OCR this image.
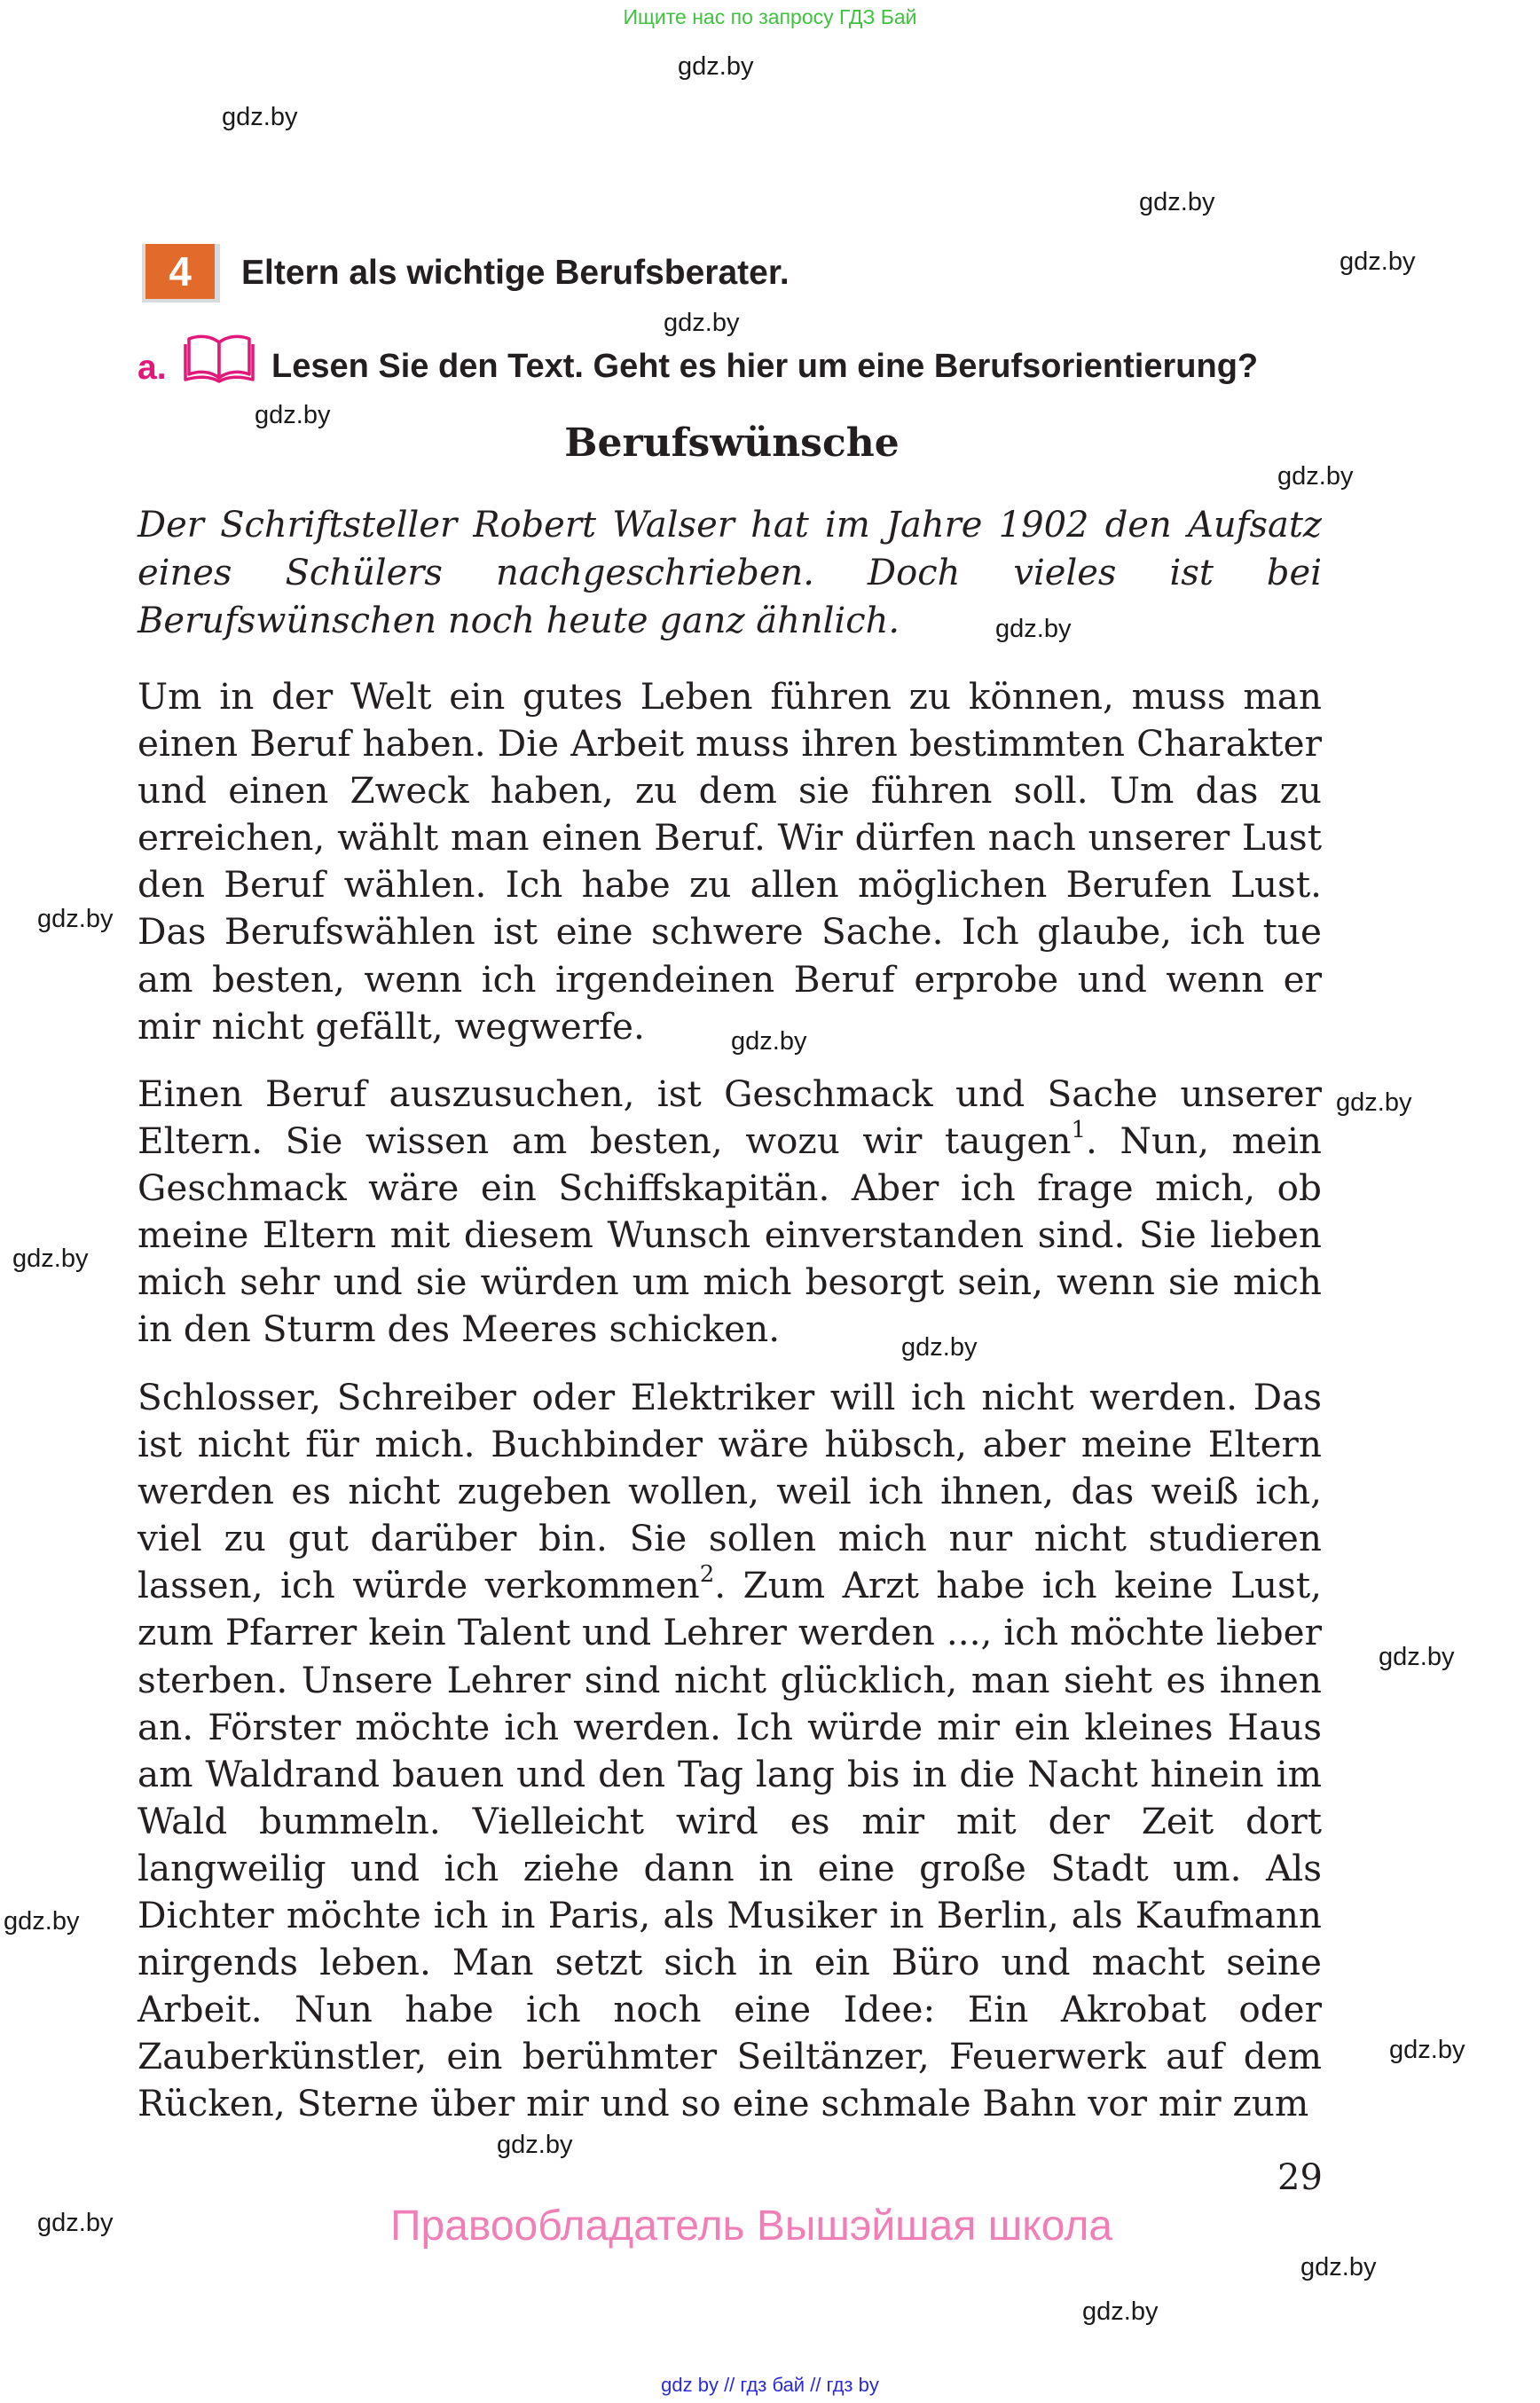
Ищите нас по запросу ГДЗ Бай
gdz.by
gdz.by
gdz.by
gdz.by
gdz.by
gdz.by
gdz.by
gdz.by
gdz.by
gdz.by
gdz.by
gdz.by
gdz.by
gdz.by
gdz.by
gdz.by
gdz.by
gdz.by
gdz.by
gdz.by
4	Eltern als wichtige Berufsberater.
a.	Lesen Sie den Text. Geht es hier um eine Berufsorientierung?
Berufswünsche
Der Schriftsteller Robert Walser hat im Jahre 1902 den Aufsatz eines Schülers nachgeschrieben. Doch vieles ist bei Berufswünschen noch heute ganz ähnlich.
Um in der Welt ein gutes Leben führen zu können, muss man einen Beruf haben. Die Arbeit muss ihren bestimmten Charakter und einen Zweck haben, zu dem sie führen soll. Um das zu erreichen, wählt man einen Beruf. Wir dürfen nach unserer Lust den Beruf wählen. Ich habe zu allen möglichen Berufen Lust. Das Berufswählen ist eine schwere Sache. Ich glaube, ich tue am besten, wenn ich irgendeinen Beruf erprobe und wenn er mir nicht gefällt, wegwerfe.
Einen Beruf auszusuchen, ist Geschmack und Sache unserer Eltern. Sie wissen am besten, wozu wir taugen$^1$. Nun, mein Geschmack wäre ein Schiffskapitän. Aber ich frage mich, ob meine Eltern mit diesem Wunsch einverstanden sind. Sie lieben mich sehr und sie würden um mich besorgt sein, wenn sie mich in den Sturm des Meeres schicken.
Schlosser, Schreiber oder Elektriker will ich nicht werden. Das ist nicht für mich. Buchbinder wäre hübsch, aber meine Eltern werden es nicht zugeben wollen, weil ich ihnen, das weiß ich, viel zu gut darüber bin. Sie sollen mich nur nicht studieren lassen, ich würde verkommen$^2$. Zum Arzt habe ich keine Lust, zum Pfarrer kein Talent und Lehrer werden ..., ich möchte lieber sterben. Unsere Lehrer sind nicht glücklich, man sieht es ihnen an. Förster möchte ich werden. Ich würde mir ein kleines Haus am Waldrand bauen und den Tag lang bis in die Nacht hinein im Wald bummeln. Vielleicht wird es mir mit der Zeit dort langweilig und ich ziehe dann in eine große Stadt um. Als Dichter möchte ich in Paris, als Musiker in Berlin, als Kaufmann nirgends leben. Man setzt sich in ein Büro und macht seine Arbeit. Nun habe ich noch eine Idee: Ein Akrobat oder Zauberkünstler, ein berühmter Seiltänzer, Feuerwerk auf dem Rücken, Sterne über mir und so eine schmale Bahn vor mir zum
29
Правообладатель Вышэйшая школа
gdz by // гдз бай // гдз by
